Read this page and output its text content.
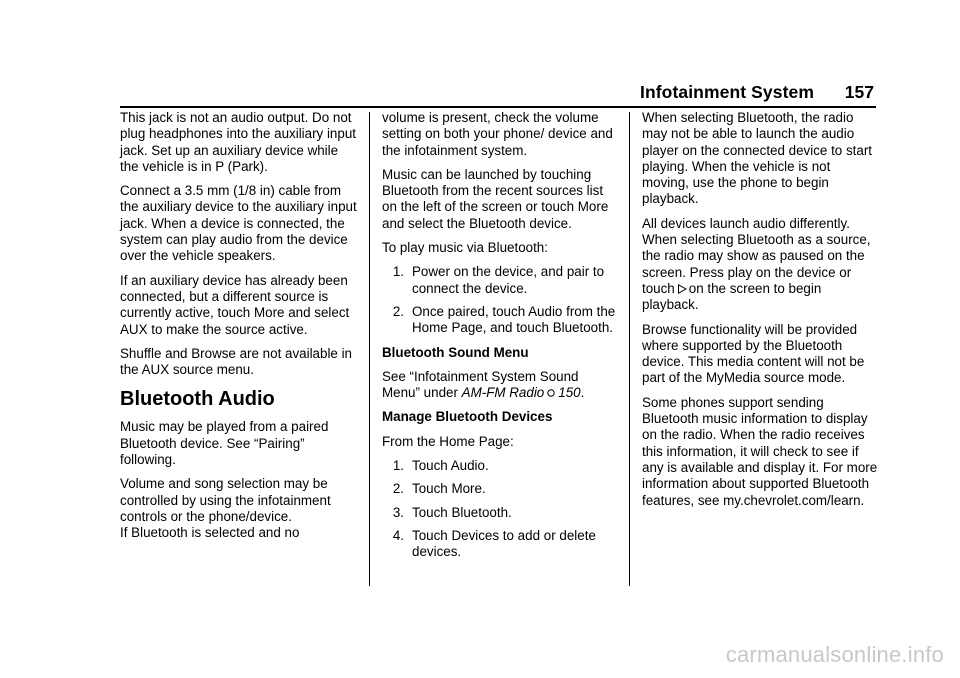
Infotainment System 157

This jack is not an audio output. Do not plug headphones into the auxiliary input jack. Set up an auxiliary device while the vehicle is in P (Park).

Connect a 3.5 mm (1/8 in) cable from the auxiliary device to the auxiliary input jack. When a device is connected, the system can play audio from the device over the vehicle speakers.

If an auxiliary device has already been connected, but a different source is currently active, touch More and select AUX to make the source active.

Shuffle and Browse are not available in the AUX source menu.

Bluetooth Audio

Music may be played from a paired Bluetooth device. See “Pairing” following.

Volume and song selection may be controlled by using the infotainment controls or the phone/device.

If Bluetooth is selected and no

volume is present, check the volume setting on both your phone/ device and the infotainment system.

Music can be launched by touching Bluetooth from the recent sources list on the left of the screen or touch More and select the Bluetooth device.

To play music via Bluetooth:

1. Power on the device, and pair to connect the device.
2. Once paired, touch Audio from the Home Page, and touch Bluetooth.

Bluetooth Sound Menu

See “Infotainment System Sound Menu” under AM-FM Radio 150.

Manage Bluetooth Devices

From the Home Page:

1. Touch Audio.
2. Touch More.
3. Touch Bluetooth.
4. Touch Devices to add or delete devices.

When selecting Bluetooth, the radio may not be able to launch the audio player on the connected device to start playing. When the vehicle is not moving, use the phone to begin playback.

All devices launch audio differently. When selecting Bluetooth as a source, the radio may show as paused on the screen. Press play on the device or touch on the screen to begin playback.

Browse functionality will be provided where supported by the Bluetooth device. This media content will not be part of the MyMedia source mode.

Some phones support sending Bluetooth music information to display on the radio. When the radio receives this information, it will check to see if any is available and display it. For more information about supported Bluetooth features, see my.chevrolet.com/learn.

carmanualsonline.info
